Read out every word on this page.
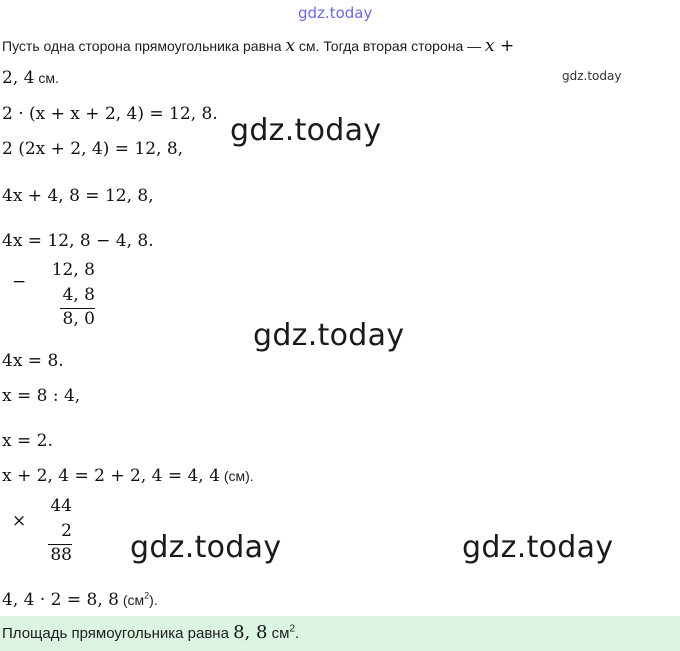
gdz.today
Пусть одна сторона прямоугольника равна x см. Тогда вторая сторона — x +
2, 4 см.	gdz.today
2 · (x + x + 2, 4) = 12, 8. gdz.today
2 (2x + 2, 4) = 12, 8,
4x + 4, 8 = 12, 8,
4x = 12, 8 − 4, 8.
−
12, 8
4, 8
8, 0	gdz.today
4x = 8.
x = 8 : 4,
x = 2.
x + 2, 4 = 2 + 2, 4 = 4, 4 (см).
×
44
2
88 gdz.today	gdz.today
4, 4 · 2 = 8, 8 $(см^2)$.
Площадь прямоугольника равна 8, 8 $см^2$.
